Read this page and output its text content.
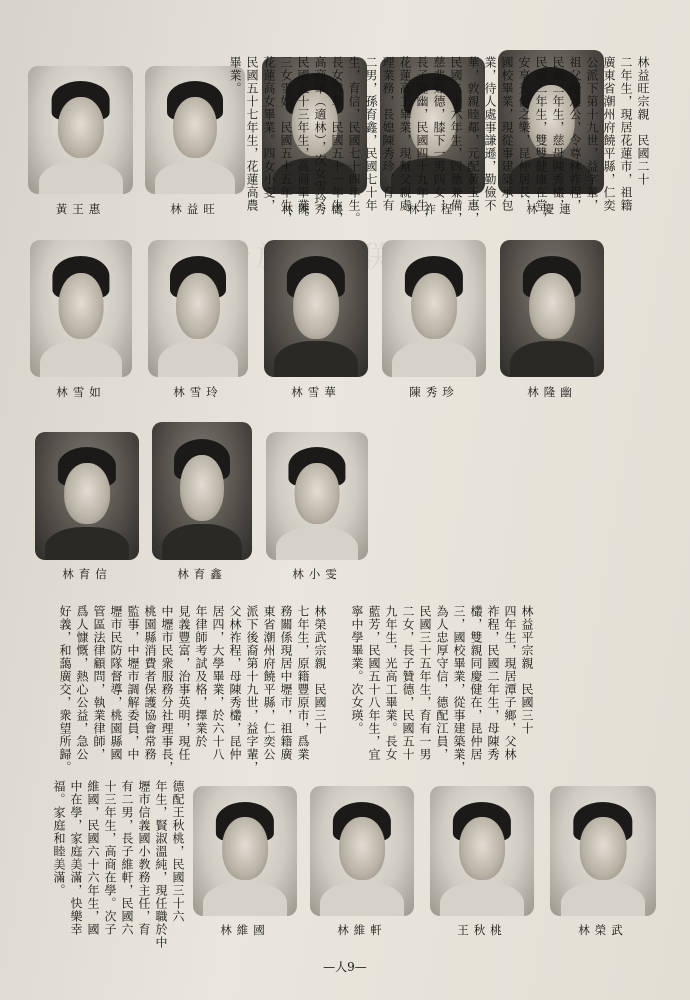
黃王惠	林益旺	林陳秀欉	林祚程	林慶連
林雪如	林雪玲	林雪華	陳秀珍	林隆幽
林育信	林育鑫	林小雯
林維國	林維軒	王秋桃	林榮武
林益旺宗親　民國二十
二年生，現居花蓮市，祖籍
廣東省潮州府饒平縣，仁奕
公派下第十九世，益字輩，
祖父慶連公，令尊林祚程，
民國二年生，慈母陳秀欉，
民國二年生，雙雙健康在堂，
安享天倫之樂，昆仲居長，
國校畢業，現從事建築承包
業，待人處事謙遜，勤儉不
華，敦親睦鄰，元配黃玉惠，
民國二十六年生，四德兼備，
慈悲好德，膝下一男四女，
長子隆幽，民國四十九年生，
花蓮高工畢業，現幫父親處
理業務，長媳陳秀珍，育有
二男，孫育鑫，民國七十年
生，育信，民國七十四年生。
長女雪華，民國五十一年生，
高商畢（適林），次女雪玲，
民國五十三年生，高商畢業。
三女雪如，民國五十五年生，
花蓮高女畢業。四女小雯，
民國五十七年生，花蓮高農
畢業。
林益平宗親　民國三十
四年生，現居潭子鄉，父林
祚程，民國二年生，母陳秀
欉，雙親同慶健在，昆仲居
三，國校畢業，從事建築業，
為人忠厚守信，德配江員，
民國三十五年生，育有一男
二女，長子贊德，民國五十
九年生，光高工畢業。長女
藍芳，民國五十八年生，宜
寧中學畢業。次女瑛。
林榮武宗親　民國三十
七年生，原籍豐原市，爲業
務關係現居中壢市，祖籍廣
東省潮州府饒平縣，仁奕公
派下後裔第十九世，益字輩，
父林祚程，母陳秀欉，昆仲
居四，大學畢業，於六十八
年律師考試及格，擇業於
見義豐富，治事英明，現任
中壢市民衆服務分社理事長，
桃園縣消費者保護協會常務
監事，中壢市調解委員，中
壢市民防隊督導，桃園縣國
管區法律顧問，執業律師，
爲人慷慨，熱心公益，急公
好義，和藹廣交，衆望所歸。
德配王秋桃，民國三十六
年生，賢淑溫純，現任職於中
壢市信義國小教務主任，育
有二男，長子維軒，民國六
十三年生，高商在學。次子
維國，民國六十六年生，國
中在學，家庭美滿，快樂幸
福。家庭和睦美滿。
—人9—
